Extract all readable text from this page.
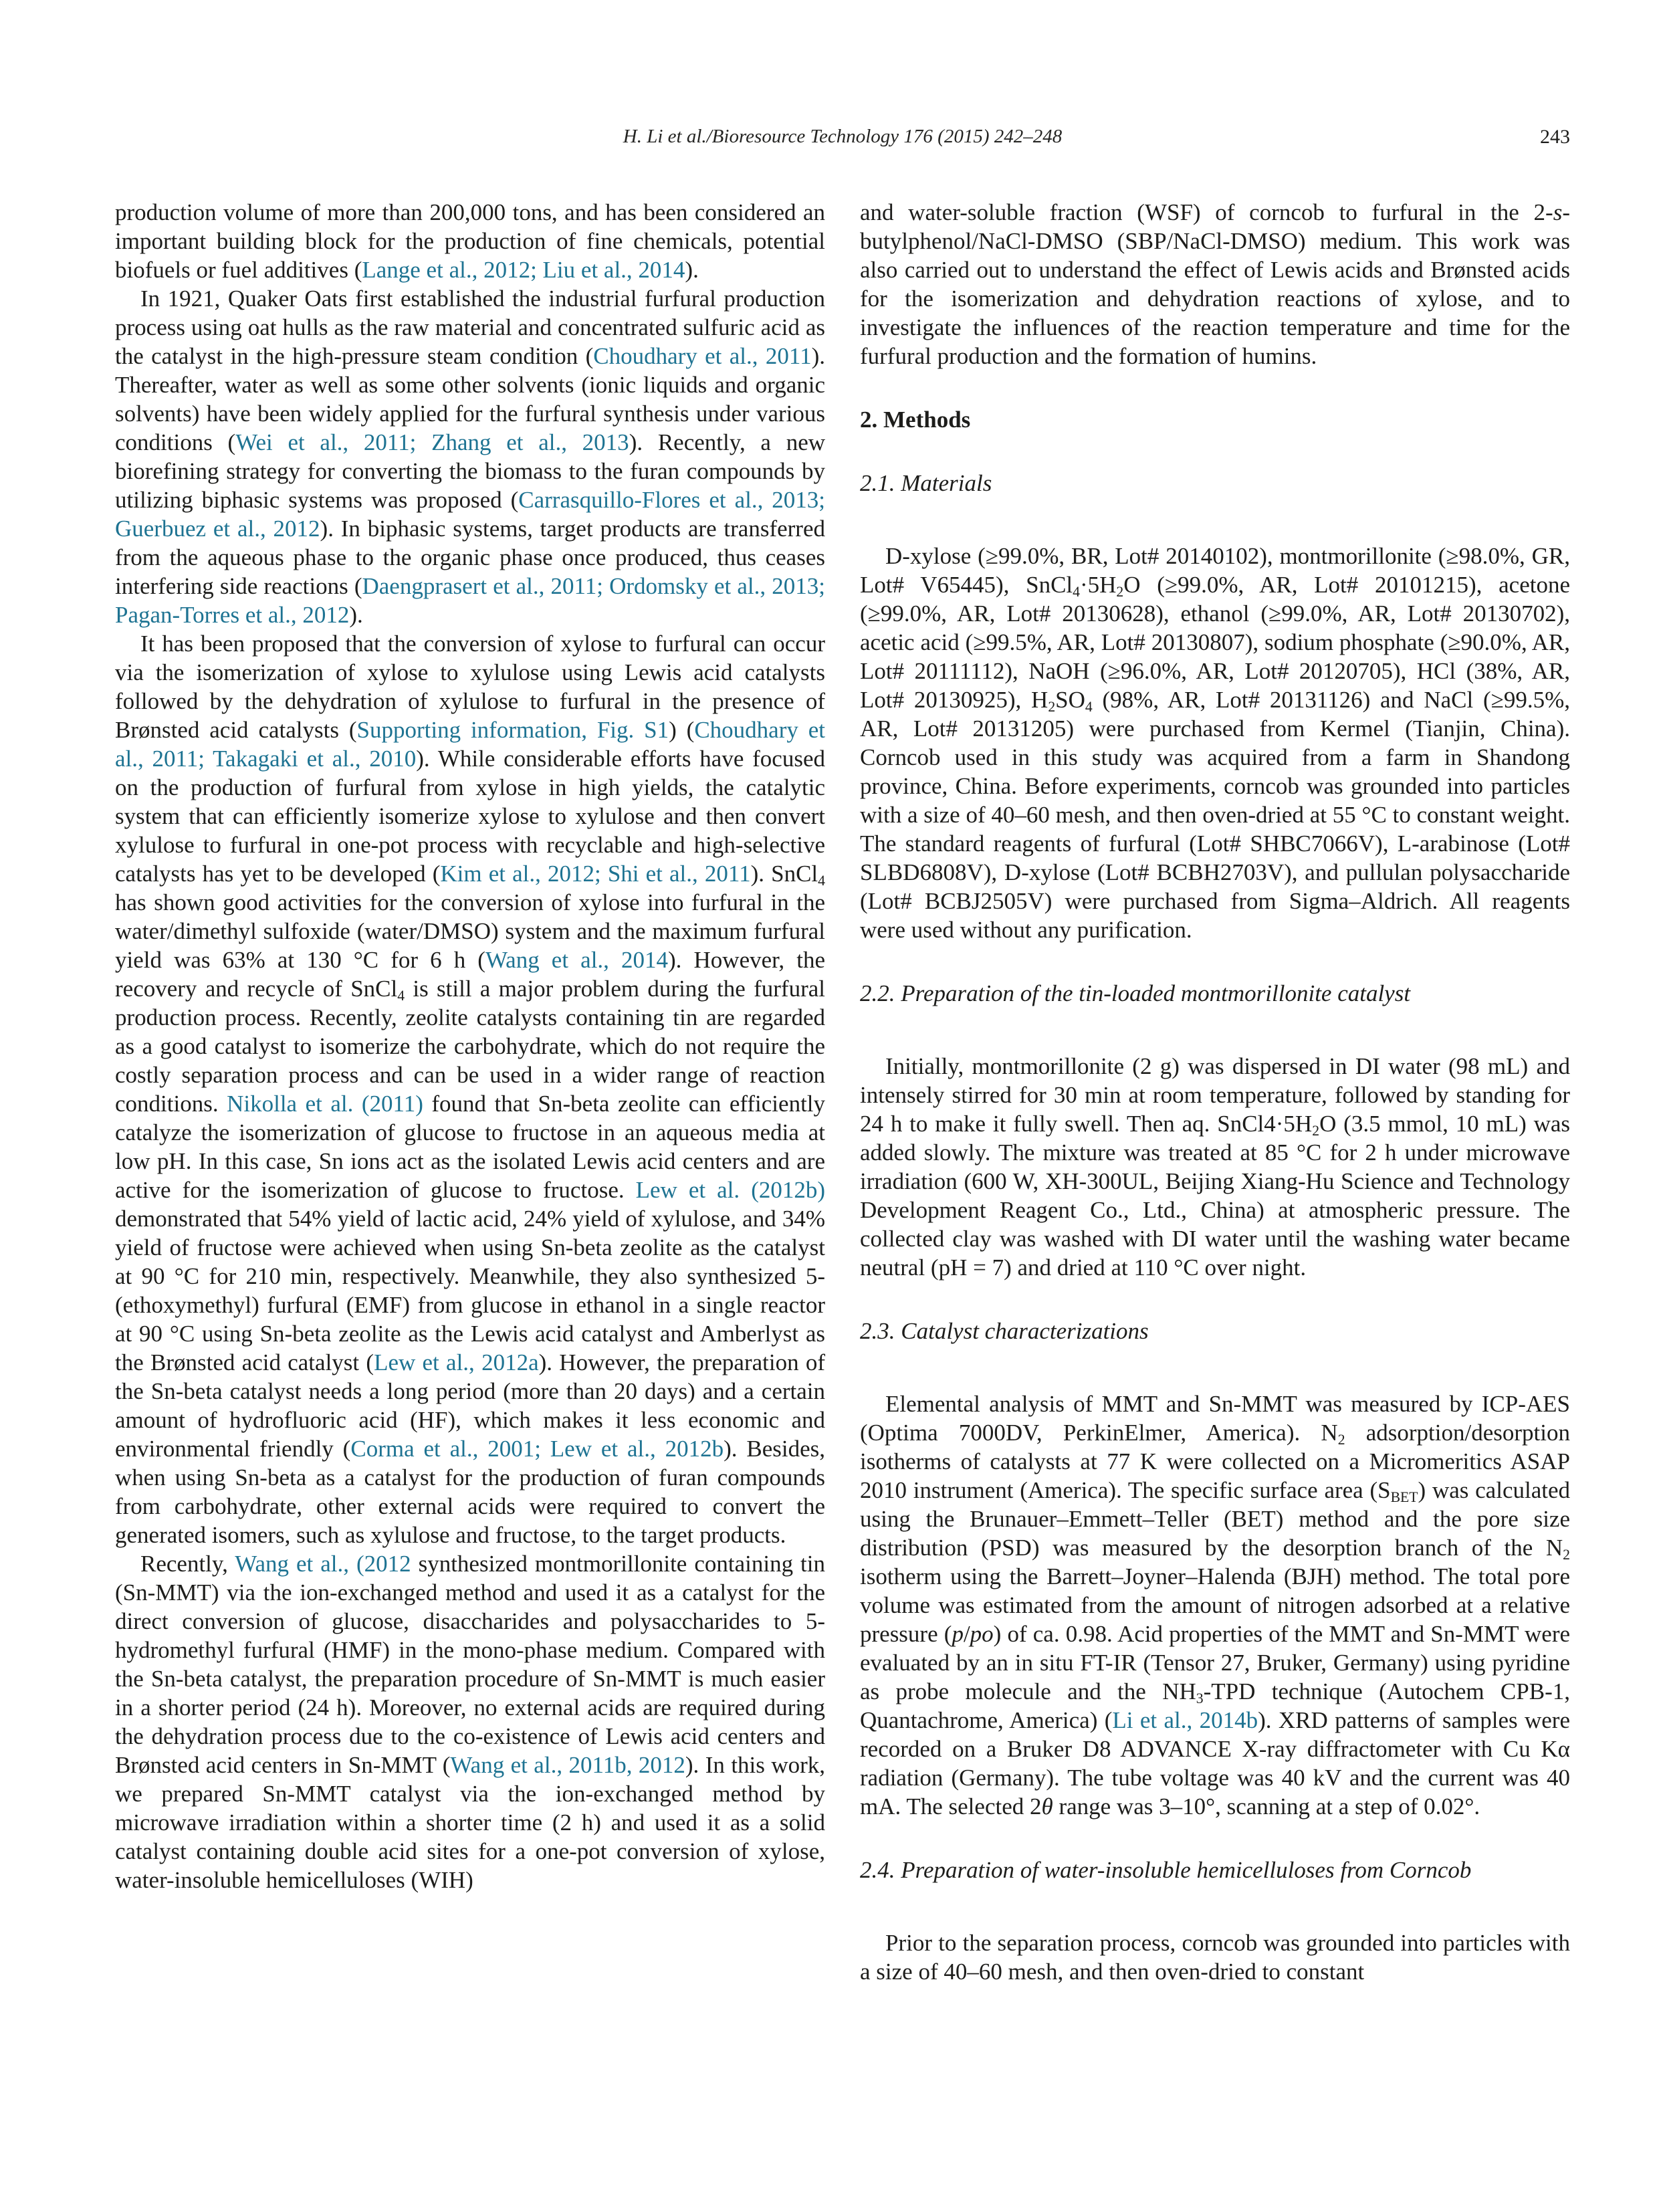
H. Li et al./Bioresource Technology 176 (2015) 242–248	243

production volume of more than 200,000 tons, and has been considered an important building block for the production of fine chemicals, potential biofuels or fuel additives (Lange et al., 2012; Liu et al., 2014).

In 1921, Quaker Oats first established the industrial furfural production process using oat hulls as the raw material and concentrated sulfuric acid as the catalyst in the high-pressure steam condition (Choudhary et al., 2011). Thereafter, water as well as some other solvents (ionic liquids and organic solvents) have been widely applied for the furfural synthesis under various conditions (Wei et al., 2011; Zhang et al., 2013). Recently, a new biorefining strategy for converting the biomass to the furan compounds by utilizing biphasic systems was proposed (Carrasquillo-Flores et al., 2013; Guerbuez et al., 2012). In biphasic systems, target products are transferred from the aqueous phase to the organic phase once produced, thus ceases interfering side reactions (Daengprasert et al., 2011; Ordomsky et al., 2013; Pagan-Torres et al., 2012).

It has been proposed that the conversion of xylose to furfural can occur via the isomerization of xylose to xylulose using Lewis acid catalysts followed by the dehydration of xylulose to furfural in the presence of Brønsted acid catalysts (Supporting information, Fig. S1) (Choudhary et al., 2011; Takagaki et al., 2010). While considerable efforts have focused on the production of furfural from xylose in high yields, the catalytic system that can efficiently isomerize xylose to xylulose and then convert xylulose to furfural in one-pot process with recyclable and high-selective catalysts has yet to be developed (Kim et al., 2012; Shi et al., 2011). SnCl$_4$ has shown good activities for the conversion of xylose into furfural in the water/dimethyl sulfoxide (water/DMSO) system and the maximum furfural yield was 63% at 130 °C for 6 h (Wang et al., 2014). However, the recovery and recycle of SnCl$_4$ is still a major problem during the furfural production process. Recently, zeolite catalysts containing tin are regarded as a good catalyst to isomerize the carbohydrate, which do not require the costly separation process and can be used in a wider range of reaction conditions. Nikolla et al. (2011) found that Sn-beta zeolite can efficiently catalyze the isomerization of glucose to fructose in an aqueous media at low pH. In this case, Sn ions act as the isolated Lewis acid centers and are active for the isomerization of glucose to fructose. Lew et al. (2012b) demonstrated that 54% yield of lactic acid, 24% yield of xylulose, and 34% yield of fructose were achieved when using Sn-beta zeolite as the catalyst at 90 °C for 210 min, respectively. Meanwhile, they also synthesized 5-(ethoxymethyl) furfural (EMF) from glucose in ethanol in a single reactor at 90 °C using Sn-beta zeolite as the Lewis acid catalyst and Amberlyst as the Brønsted acid catalyst (Lew et al., 2012a). However, the preparation of the Sn-beta catalyst needs a long period (more than 20 days) and a certain amount of hydrofluoric acid (HF), which makes it less economic and environmental friendly (Corma et al., 2001; Lew et al., 2012b). Besides, when using Sn-beta as a catalyst for the production of furan compounds from carbohydrate, other external acids were required to convert the generated isomers, such as xylulose and fructose, to the target products.

Recently, Wang et al., (2012 synthesized montmorillonite containing tin (Sn-MMT) via the ion-exchanged method and used it as a catalyst for the direct conversion of glucose, disaccharides and polysaccharides to 5-hydromethyl furfural (HMF) in the mono-phase medium. Compared with the Sn-beta catalyst, the preparation procedure of Sn-MMT is much easier in a shorter period (24 h). Moreover, no external acids are required during the dehydration process due to the co-existence of Lewis acid centers and Brønsted acid centers in Sn-MMT (Wang et al., 2011b, 2012). In this work, we prepared Sn-MMT catalyst via the ion-exchanged method by microwave irradiation within a shorter time (2 h) and used it as a solid catalyst containing double acid sites for a one-pot conversion of xylose, water-insoluble hemicelluloses (WIH)

and water-soluble fraction (WSF) of corncob to furfural in the 2-s-butylphenol/NaCl-DMSO (SBP/NaCl-DMSO) medium. This work was also carried out to understand the effect of Lewis acids and Brønsted acids for the isomerization and dehydration reactions of xylose, and to investigate the influences of the reaction temperature and time for the furfural production and the formation of humins.

2. Methods
2.1. Materials

D-xylose (≥99.0%, BR, Lot# 20140102), montmorillonite (≥98.0%, GR, Lot# V65445), $SnCl_4\cdot 5H_2O$ (≥99.0%, AR, Lot# 20101215), acetone (≥99.0%, AR, Lot# 20130628), ethanol (≥99.0%, AR, Lot# 20130702), acetic acid (≥99.5%, AR, Lot# 20130807), sodium phosphate (≥90.0%, AR, Lot# 20111112), NaOH (≥96.0%, AR, Lot# 20120705), HCl (38%, AR, Lot# 20130925), $H_2SO_4$ (98%, AR, Lot# 20131126) and NaCl (≥99.5%, AR, Lot# 20131205) were purchased from Kermel (Tianjin, China). Corncob used in this study was acquired from a farm in Shandong province, China. Before experiments, corncob was grounded into particles with a size of 40–60 mesh, and then oven-dried at 55 °C to constant weight. The standard reagents of furfural (Lot# SHBC7066V), L-arabinose (Lot# SLBD6808V), D-xylose (Lot# BCBH2703V), and pullulan polysaccharide (Lot# BCBJ2505V) were purchased from Sigma–Aldrich. All reagents were used without any purification.

2.2. Preparation of the tin-loaded montmorillonite catalyst

Initially, montmorillonite (2 g) was dispersed in DI water (98 mL) and intensely stirred for 30 min at room temperature, followed by standing for 24 h to make it fully swell. Then aq. $SnCl4\cdot 5H_2O$ (3.5 mmol, 10 mL) was added slowly. The mixture was treated at 85 °C for 2 h under microwave irradiation (600 W, XH-300UL, Beijing Xiang-Hu Science and Technology Development Reagent Co., Ltd., China) at atmospheric pressure. The collected clay was washed with DI water until the washing water became neutral (pH = 7) and dried at 110 °C over night.

2.3. Catalyst characterizations

Elemental analysis of MMT and Sn-MMT was measured by ICP-AES (Optima 7000DV, PerkinElmer, America). $N_2$ adsorption/desorption isotherms of catalysts at 77 K were collected on a Micromeritics ASAP 2010 instrument (America). The specific surface area $(S_{BET})$ was calculated using the Brunauer–Emmett–Teller (BET) method and the pore size distribution (PSD) was measured by the desorption branch of the $N_2$ isotherm using the Barrett–Joyner–Halenda (BJH) method. The total pore volume was estimated from the amount of nitrogen adsorbed at a relative pressure (p/po) of ca. 0.98. Acid properties of the MMT and Sn-MMT were evaluated by an in situ FT-IR (Tensor 27, Bruker, Germany) using pyridine as probe molecule and the $NH_3$-TPD technique (Autochem CPB-1, Quantachrome, America) (Li et al., 2014b). XRD patterns of samples were recorded on a Bruker D8 ADVANCE X-ray diffractometer with Cu Kα radiation (Germany). The tube voltage was 40 kV and the current was 40 mA. The selected 2θ range was 3–10°, scanning at a step of 0.02°.

2.4. Preparation of water-insoluble hemicelluloses from Corncob

Prior to the separation process, corncob was grounded into particles with a size of 40–60 mesh, and then oven-dried to constant
